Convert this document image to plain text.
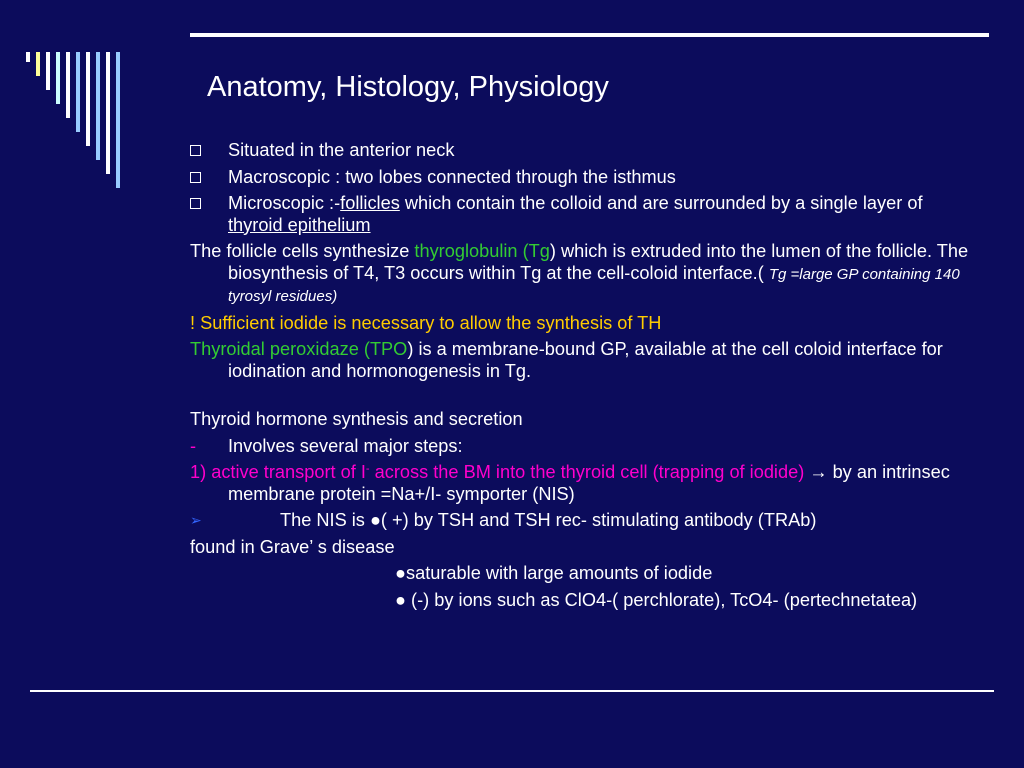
Anatomy, Histology, Physiology
Situated in the anterior neck
Macroscopic : two lobes connected through the isthmus
Microscopic :-follicles which contain the colloid and are surrounded by a single layer of thyroid epithelium
The follicle cells synthesize thyroglobulin (Tg) which is extruded into the lumen of the follicle. The biosynthesis of T4, T3 occurs within Tg at the cell-coloid interface.( Tg =large GP containing 140 tyrosyl residues)
! Sufficient iodide is necessary to allow the synthesis of TH
Thyroidal peroxidaze (TPO) is a membrane-bound GP, available at the cell coloid interface for iodination and hormonogenesis in Tg.
Thyroid hormone synthesis and secretion
- Involves several major steps:
1) active transport of I- across the BM into the thyroid cell (trapping of iodide) → by an intrinsec membrane protein =Na+/I- symporter (NIS)
➢	The NIS is ●( +) by TSH and TSH rec- stimulating antibody (TRAb)
found in Grave’ s disease
●saturable with large amounts of iodide
● (-) by ions such as ClO4-( perchlorate), TcO4- (pertechnetatea)
